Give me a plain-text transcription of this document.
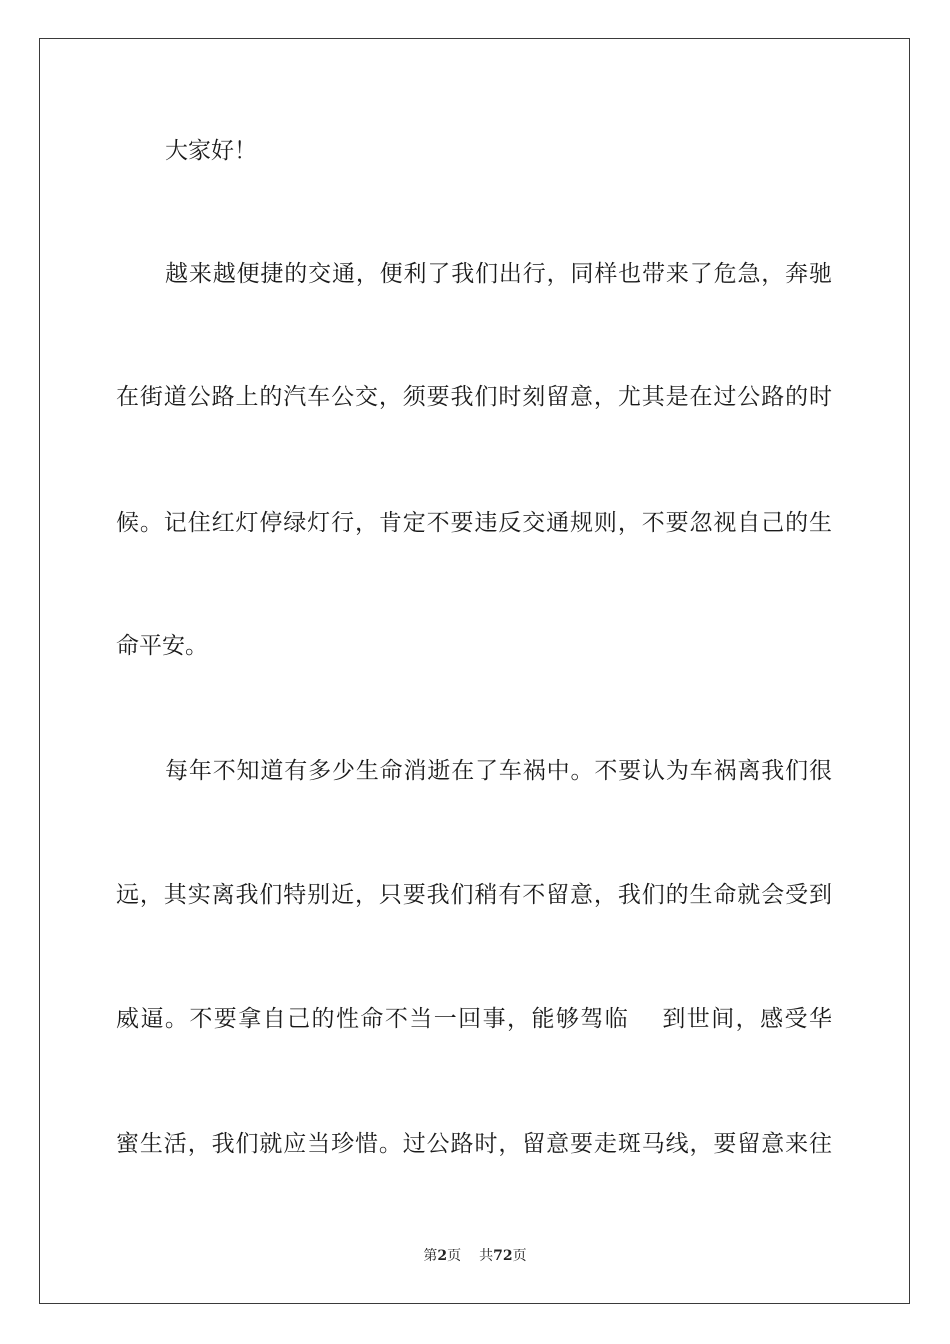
大家好！
越来越便捷的交通，便利了我们出行，同样也带来了危急，奔驰
在街道公路上的汽车公交，须要我们时刻留意，尤其是在过公路的时
候。记住红灯停绿灯行，肯定不要违反交通规则，不要忽视自己的生
命平安。
每年不知道有多少生命消逝在了车祸中。不要认为车祸离我们很
远，其实离我们特别近，只要我们稍有不留意，我们的生命就会受到
威逼。不要拿自己的性命不当一回事，能够驾临　 到世间，感受华
蜜生活，我们就应当珍惜。过公路时，留意要走斑马线，要留意来往
第2页 共72页
